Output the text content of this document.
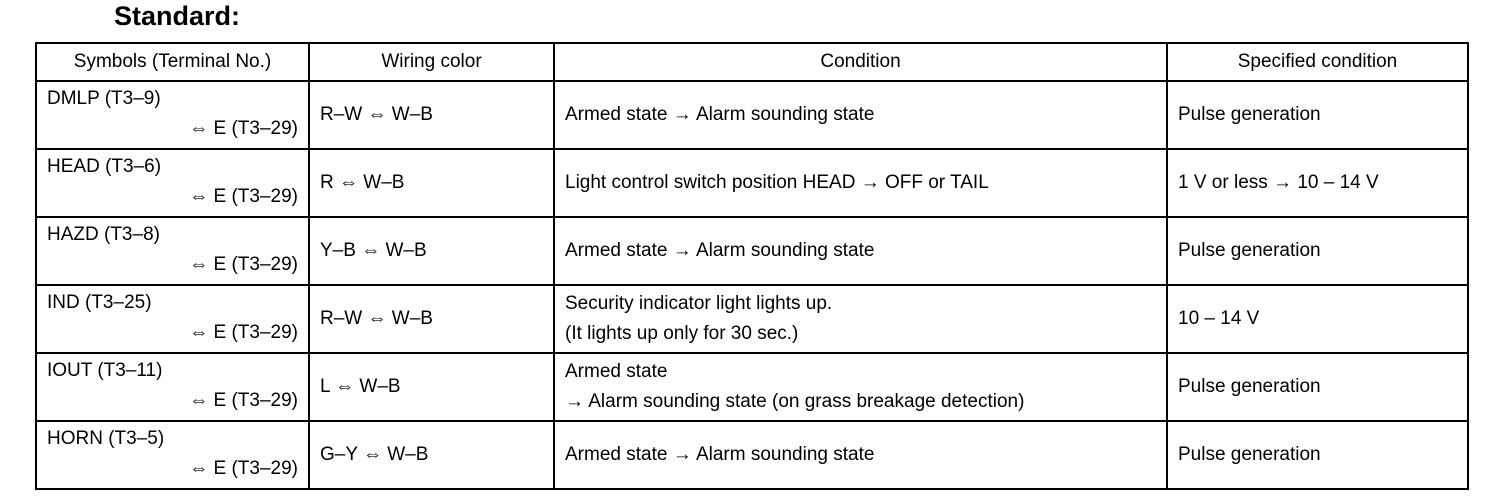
Standard:
Symbols (Terminal No.)	Wiring color	Condition	Specified condition

DMLP (T3–9)
⇔ E (T3–29)	R–W ⇔ W–B	Armed state → Alarm sounding state	Pulse generation

HEAD (T3–6)
⇔ E (T3–29)	R ⇔ W–B	Light control switch position HEAD → OFF or TAIL	1 V or less → 10 – 14 V

HAZD (T3–8)
⇔ E (T3–29)	Y–B ⇔ W–B	Armed state → Alarm sounding state	Pulse generation

IND (T3–25)
⇔ E (T3–29)	R–W ⇔ W–B	Security indicator light lights up.
(It lights up only for 30 sec.)	10 – 14 V

IOUT (T3–11)
⇔ E (T3–29)	L ⇔ W–B	Armed state
→ Alarm sounding state (on grass breakage detection)	Pulse generation

HORN (T3–5)
⇔ E (T3–29)	G–Y ⇔ W–B	Armed state → Alarm sounding state	Pulse generation
